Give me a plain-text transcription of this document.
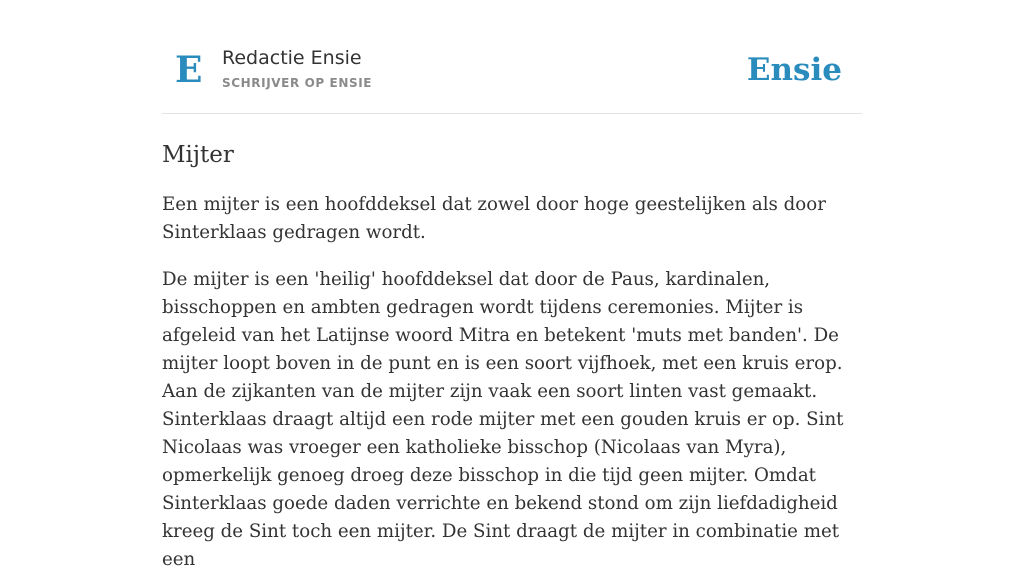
E Redactie Ensie
SCHRIJVER OP ENSIE	Ensie
Mijter

Een mijter is een hoofddeksel dat zowel door hoge geestelijken als door Sinterklaas gedragen wordt.

De mijter is een 'heilig' hoofddeksel dat door de Paus, kardinalen, bisschoppen en ambten gedragen wordt tijdens ceremonies. Mijter is afgeleid van het Latijnse woord Mitra en betekent 'muts met banden'. De mijter loopt boven in de punt en is een soort vijfhoek, met een kruis erop. Aan de zijkanten van de mijter zijn vaak een soort linten vast gemaakt. Sinterklaas draagt altijd een rode mijter met een gouden kruis er op. Sint Nicolaas was vroeger een katholieke bisschop (Nicolaas van Myra), opmerkelijk genoeg droeg deze bisschop in die tijd geen mijter. Omdat Sinterklaas goede daden verrichte en bekend stond om zijn liefdadigheid kreeg de Sint toch een mijter. De Sint draagt de mijter in combinatie met een
